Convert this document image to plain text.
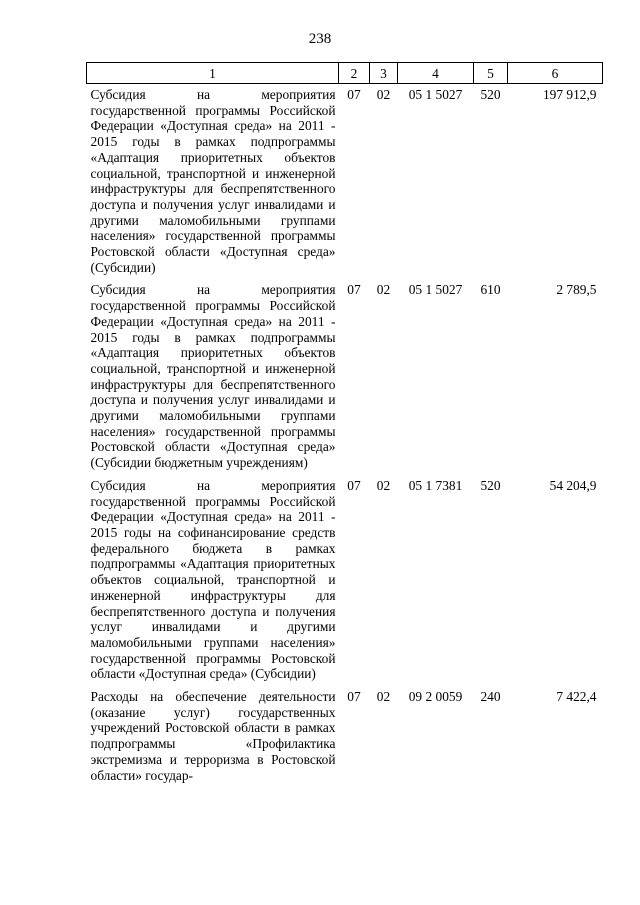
238
1	2	3	4	5	6
Субсидия на мероприятия государственной программы Российской Федерации «Доступная среда» на 2011 - 2015 годы в рамках подпрограммы «Адаптация приоритетных объектов социальной, транспортной и инженерной инфраструктуры для беспрепятственного доступа и получения услуг инвалидами и другими маломобильными группами населения» государственной программы Ростовской области «Доступная среда» (Субсидии)	07	02	05 1 5027	520	197 912,9
Субсидия на мероприятия государственной программы Российской Федерации «Доступная среда» на 2011 - 2015 годы в рамках подпрограммы «Адаптация приоритетных объектов социальной, транспортной и инженерной инфраструктуры для беспрепятственного доступа и получения услуг инвалидами и другими маломобильными группами населения» государственной программы Ростовской области «Доступная среда» (Субсидии бюджетным учреждениям)	07	02	05 1 5027	610	2 789,5
Субсидия на мероприятия государственной программы Российской Федерации «Доступная среда» на 2011 - 2015 годы на софинансирование средств федерального бюджета в рамках подпрограммы «Адаптация приоритетных объектов социальной, транспортной и инженерной инфраструктуры для беспрепятственного доступа и получения услуг инвалидами и другими маломобильными группами населения» государственной программы Ростовской области «Доступная среда» (Субсидии)	07	02	05 1 7381	520	54 204,9
Расходы на обеспечение деятельности (оказание услуг) государственных учреждений Ростовской области в рамках подпрограммы «Профилактика экстремизма и терроризма в Ростовской области» государ-	07	02	09 2 0059	240	7 422,4
